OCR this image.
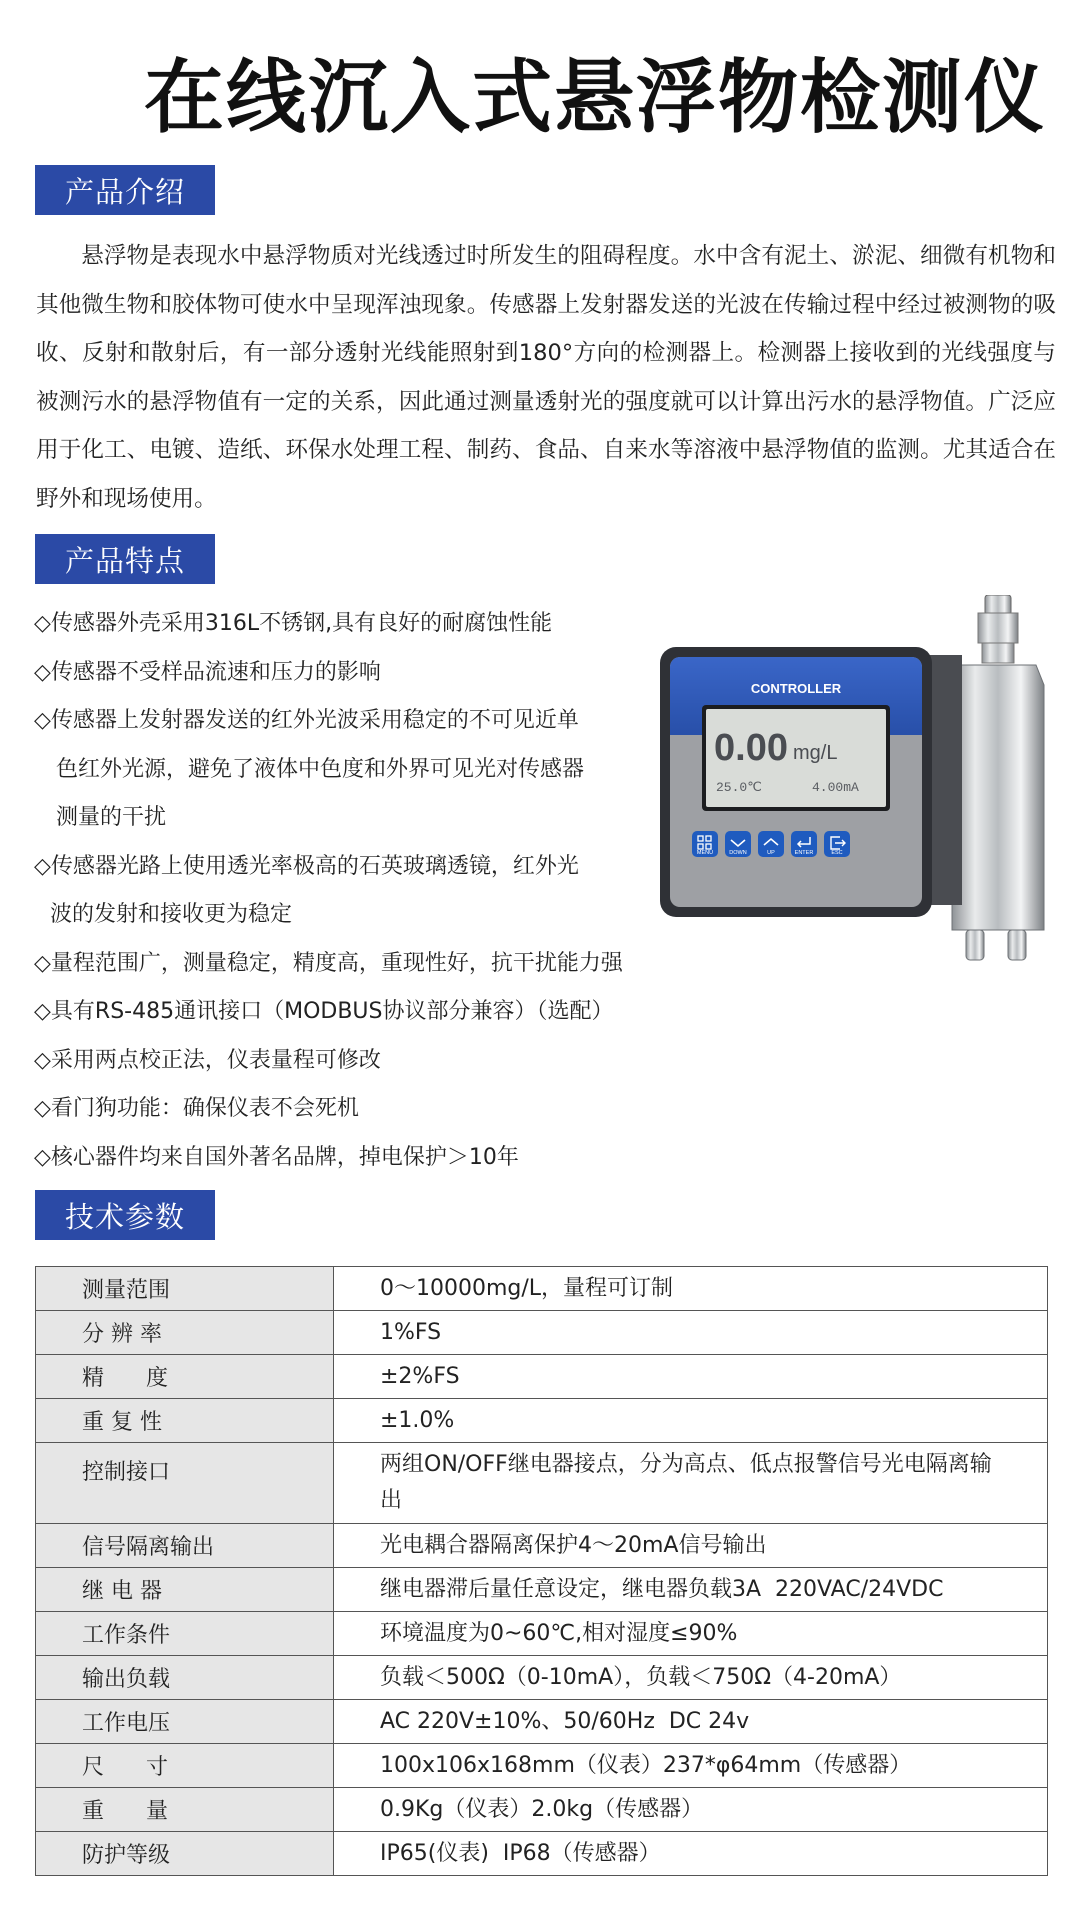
在线沉入式悬浮物检测仪
产品介绍

悬浮物是表现水中悬浮物质对光线透过时所发生的阻碍程度。水中含有泥土、淤泥、细微有机物和其他微生物和胶体物可使水中呈现浑浊现象。传感器上发射器发送的光波在传输过程中经过被测物的吸收、反射和散射后，有一部分透射光线能照射到180°方向的检测器上。检测器上接收到的光线强度与被测污水的悬浮物值有一定的关系，因此通过测量透射光的强度就可以计算出污水的悬浮物值。广泛应用于化工、电镀、造纸、环保水处理工程、制药、食品、自来水等溶液中悬浮物值的监测。尤其适合在野外和现场使用。

产品特点
◇传感器外壳采用316L不锈钢,具有良好的耐腐蚀性能
◇传感器不受样品流速和压力的影响
◇传感器上发射器发送的红外光波采用稳定的不可见近单
色红外光源，避免了液体中色度和外界可见光对传感器
测量的干扰
◇传感器光路上使用透光率极高的石英玻璃透镜，红外光
波的发射和接收更为稳定
◇量程范围广，测量稳定，精度高，重现性好，抗干扰能力强
◇具有RS-485通讯接口（MODBUS协议部分兼容）（选配）
◇采用两点校正法，仪表量程可修改
◇看门狗功能：确保仪表不会死机
◇核心器件均来自国外著名品牌，掉电保护＞10年
CONTROLLER
0.00 mg/L
25.0℃	4.00mA
MENU	DOWN	UP	ENTER	ESC
技术参数
测量范围	0～10000mg/L，量程可订制
分 辨 率	1%FS
精      度	±2%FS
重 复 性	±1.0%
控制接口	两组ON/OFF继电器接点，分为高点、低点报警信号光电隔离输出
信号隔离输出	光电耦合器隔离保护4～20mA信号输出
继 电 器	继电器滞后量任意设定，继电器负载3A  220VAC/24VDC
工作条件	环境温度为0~60℃,相对湿度≤90%
输出负载	负载＜500Ω（0-10mA），负载＜750Ω（4-20mA）
工作电压	AC 220V±10%、50/60Hz  DC 24v
尺      寸	100x106x168mm（仪表）237*φ64mm（传感器）
重      量	0.9Kg（仪表）2.0kg（传感器）
防护等级	IP65(仪表)  IP68（传感器）
